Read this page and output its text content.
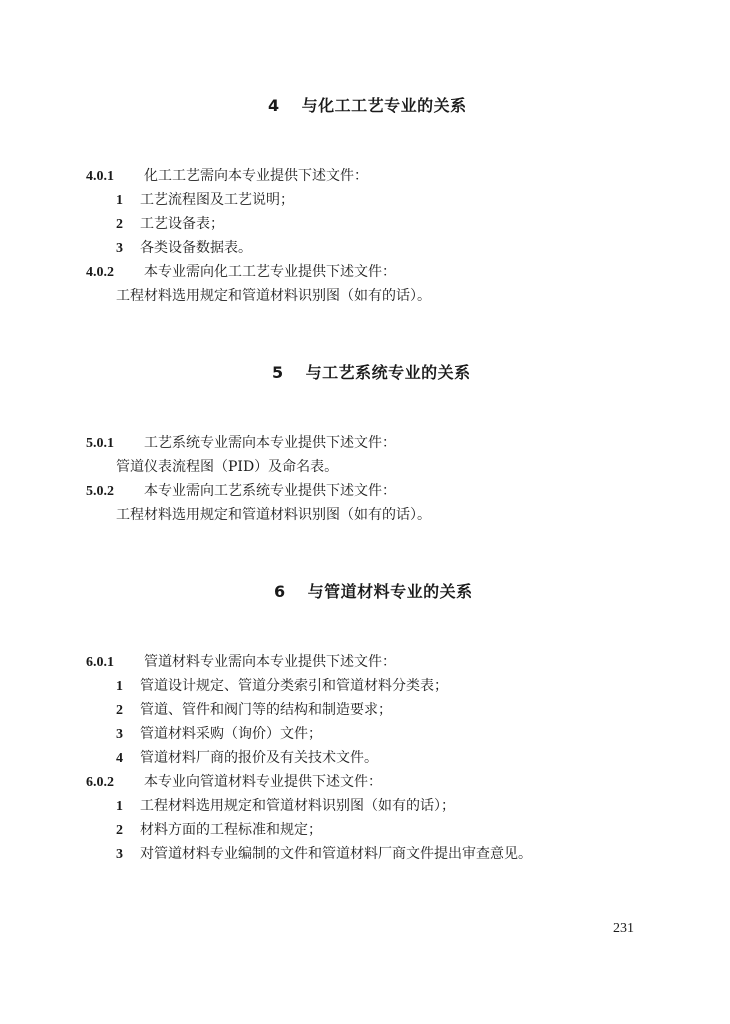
4 与化工工艺专业的关系
4.0.1 化工工艺需向本专业提供下述文件：
1 工艺流程图及工艺说明；
2 工艺设备表；
3 各类设备数据表。
4.0.2 本专业需向化工工艺专业提供下述文件：
工程材料选用规定和管道材料识别图（如有的话）。
5 与工艺系统专业的关系
5.0.1 工艺系统专业需向本专业提供下述文件：
管道仪表流程图（PID）及命名表。
5.0.2 本专业需向工艺系统专业提供下述文件：
工程材料选用规定和管道材料识别图（如有的话）。
6 与管道材料专业的关系
6.0.1 管道材料专业需向本专业提供下述文件：
1 管道设计规定、管道分类索引和管道材料分类表；
2 管道、管件和阀门等的结构和制造要求；
3 管道材料采购（询价）文件；
4 管道材料厂商的报价及有关技术文件。
6.0.2 本专业向管道材料专业提供下述文件：
1 工程材料选用规定和管道材料识别图（如有的话）；
2 材料方面的工程标准和规定；
3 对管道材料专业编制的文件和管道材料厂商文件提出审查意见。
231
